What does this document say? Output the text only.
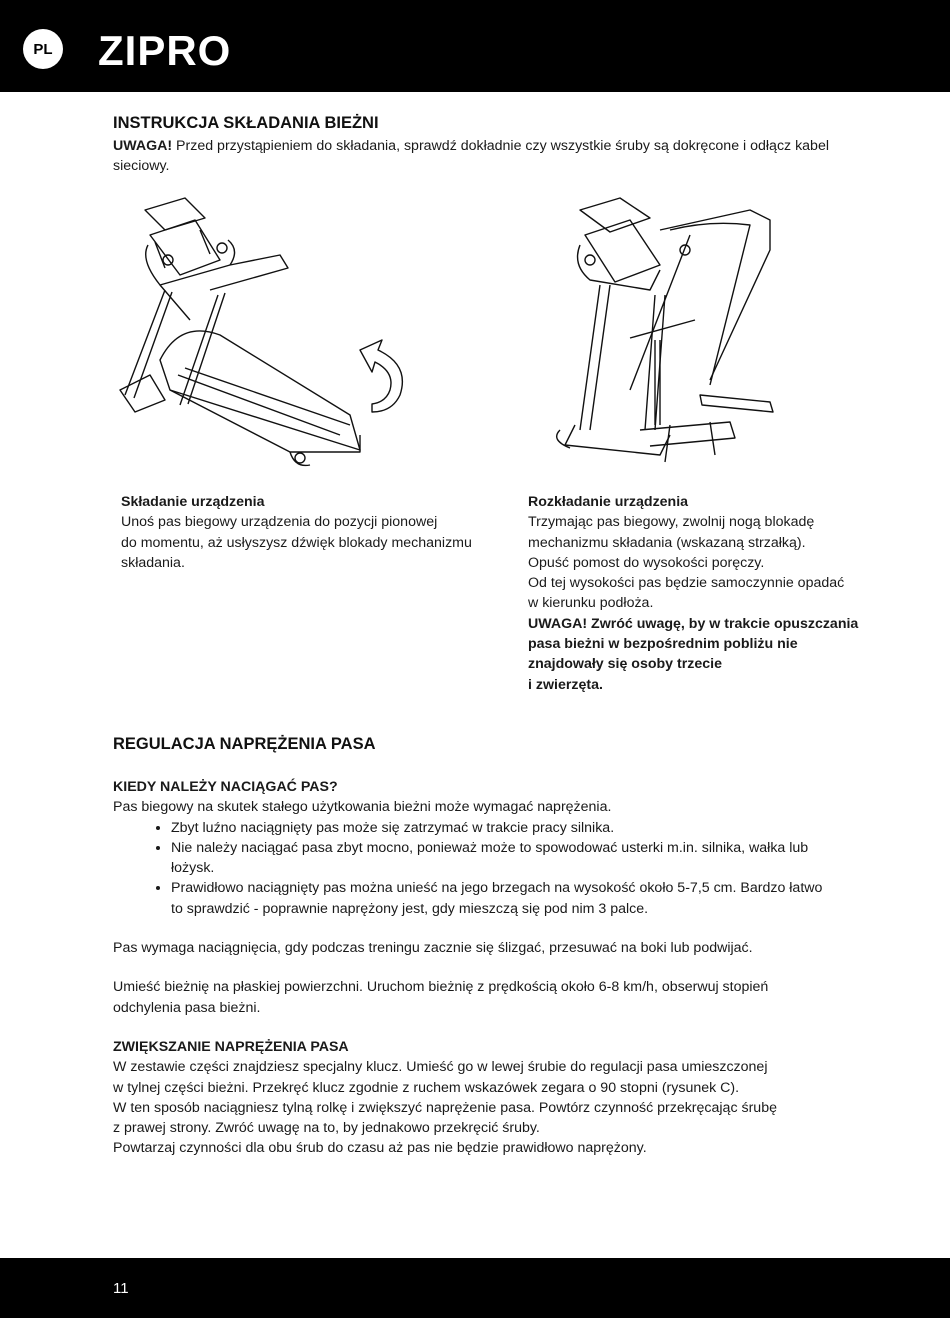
PL ZIPRO
INSTRUKCJA SKŁADANIA BIEŻNI

UWAGA! Przed przystąpieniem do składania, sprawdź dokładnie czy wszystkie śruby są dokręcone i odłącz kabel sieciowy.

Składanie urządzenia
Unoś pas biegowy urządzenia do pozycji pionowej
do momentu, aż usłyszysz dźwięk blokady mechanizmu
składania.
Rozkładanie urządzenia
Trzymając pas biegowy, zwolnij nogą blokadę
mechanizmu składania (wskazaną strzałką).
Opuść pomost do wysokości poręczy.
Od tej wysokości pas będzie samoczynnie opadać
w kierunku podłoża.
UWAGA! Zwróć uwagę, by w trakcie opuszczania
pasa bieżni w bezpośrednim pobliżu nie
znajdowały się osoby trzecie
i zwierzęta.
REGULACJA NAPRĘŻENIA PASA
KIEDY NALEŻY NACIĄGAĆ PAS?

Pas biegowy na skutek stałego użytkowania bieżni może wymagać naprężenia.

• Zbyt luźno naciągnięty pas może się zatrzymać w trakcie pracy silnika.
• Nie należy naciągać pasa zbyt mocno, ponieważ może to spowodować usterki m.in. silnika, wałka lub łożysk.
• Prawidłowo naciągnięty pas można unieść na jego brzegach na wysokość około 5-7,5 cm. Bardzo łatwo to sprawdzić - poprawnie naprężony jest, gdy mieszczą się pod nim 3 palce.

Pas wymaga naciągnięcia, gdy podczas treningu zacznie się ślizgać, przesuwać na boki lub podwijać.

Umieść bieżnię na płaskiej powierzchni. Uruchom bieżnię z prędkością około 6-8 km/h, obserwuj stopień odchylenia pasa bieżni.

ZWIĘKSZANIE NAPRĘŻENIA PASA
W zestawie części znajdziesz specjalny klucz. Umieść go w lewej śrubie do regulacji pasa umieszczonej
w tylnej części bieżni. Przekręć klucz zgodnie z ruchem wskazówek zegara o 90 stopni (rysunek C).
W ten sposób naciągniesz tylną rolkę i zwiększyć naprężenie pasa. Powtórz czynność przekręcając śrubę
z prawej strony. Zwróć uwagę na to, by jednakowo przekręcić śruby.
Powtarzaj czynności dla obu śrub do czasu aż pas nie będzie prawidłowo naprężony.
11
